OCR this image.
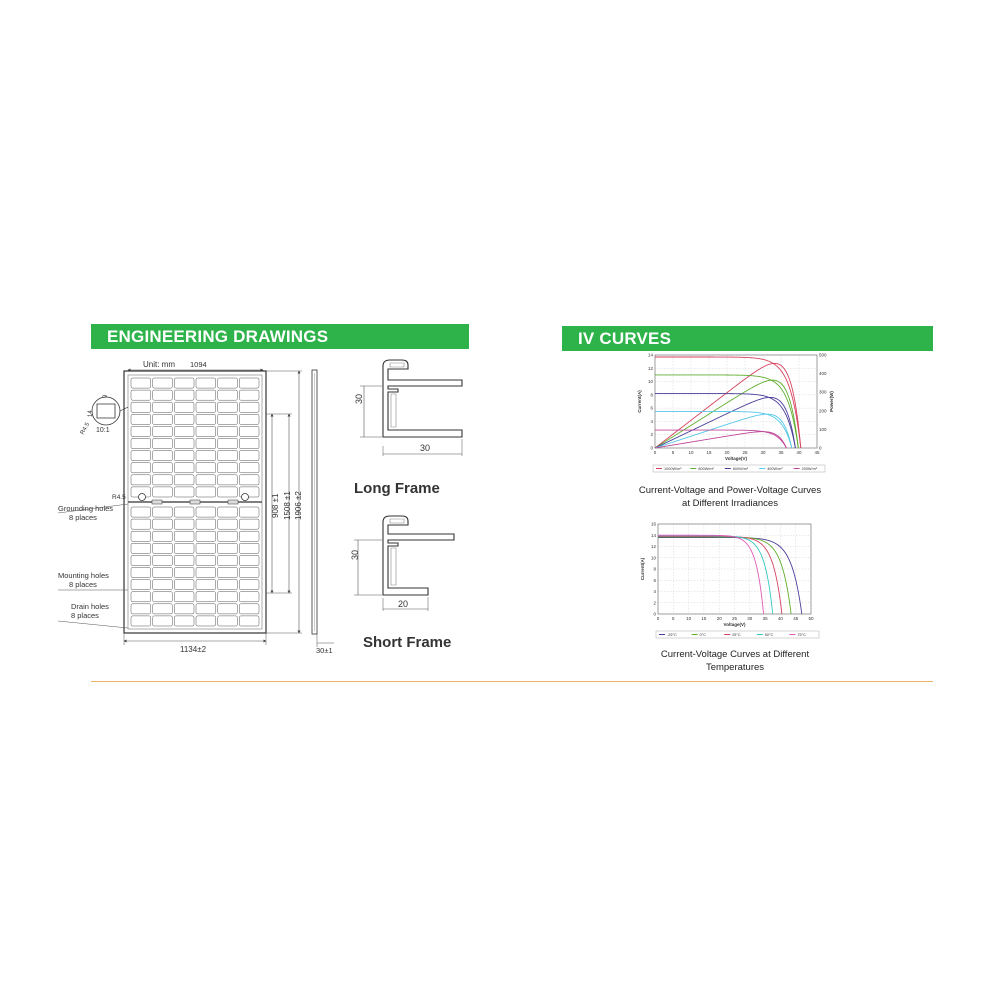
ENGINEERING DRAWINGS	IV CURVES
Unit: mm 1094
R4.5
14
9
10:1
R4.5
Grounding holes
8 places
Mounting holes
8 places
Drain holes
8 places
1134±2
908 ±1 1508 ±1 1906 ±2
30±1
30
30
Long Frame
20
30
Short Frame
0	5	10	15	20	25	30	35	40	45
0
2
4
6
8
10
12
14
Voltage(V)
Current(A)
0
100
200
300
400
500
Power(W)
1000W/m²	800W/m²	600W/m²	400W/m²	200W/m²
Current-Voltage and Power-Voltage Curves
at Different Irradiances
0	5	10 15 20 25 30 35 40 45 50
0
2
4
6
8
10
12
14
16
Voltage(V)
Current(A)
-25°C	0°C	25°C	50°C	75°C
Current-Voltage Curves at Different
Temperatures
